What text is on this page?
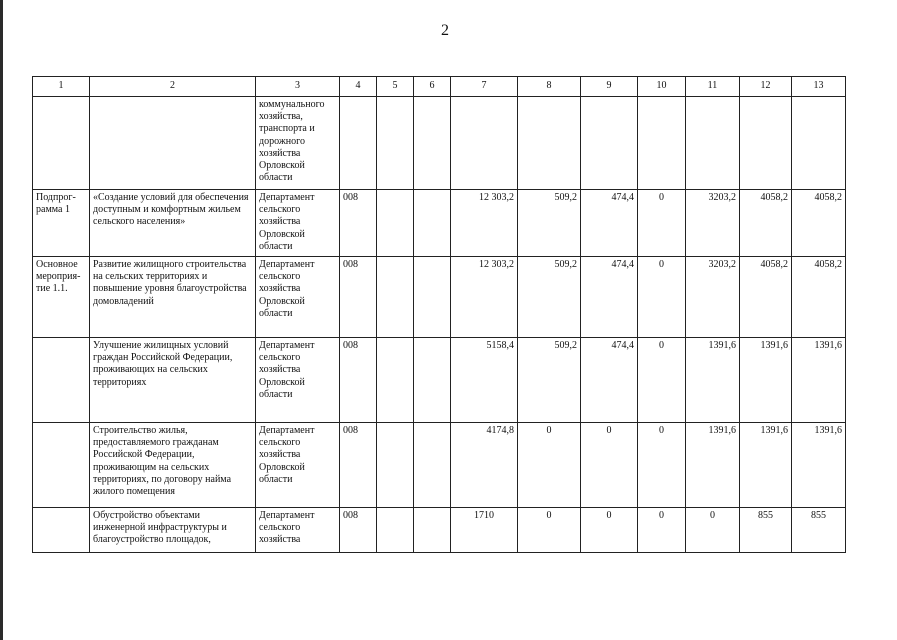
2
1	2	3	4	5	6	7	8	9	10	11	12	13
		коммунального хозяйства, транспорта и дорожного хозяйства Орловской области										
Подпрог-рамма 1	«Создание условий для обеспечения доступным и комфортным жильем сельского населения»	Департамент сельского хозяйства Орловской области	008			12 303,2	509,2	474,4	0	3203,2	4058,2	4058,2
Основное мероприя-тие 1.1.	Развитие жилищного строительства на сельских территориях и повышение уровня благоустройства домовладений	Департамент сельского хозяйства Орловской области	008			12 303,2	509,2	474,4	0	3203,2	4058,2	4058,2
	Улучшение жилищных условий граждан Российской Федерации, проживающих на сельских территориях	Департамент сельского хозяйства Орловской области	008			5158,4	509,2	474,4	0	1391,6	1391,6	1391,6
	Строительство жилья, предоставляемого гражданам Российской Федерации, проживающим на сельских территориях, по договору найма жилого помещения	Департамент сельского хозяйства Орловской области	008			4174,8	0	0	0	1391,6	1391,6	1391,6
	Обустройство объектами инженерной инфраструктуры и благоустройство площадок,	Департамент сельского хозяйства	008			1710	0	0	0	0	855	855
